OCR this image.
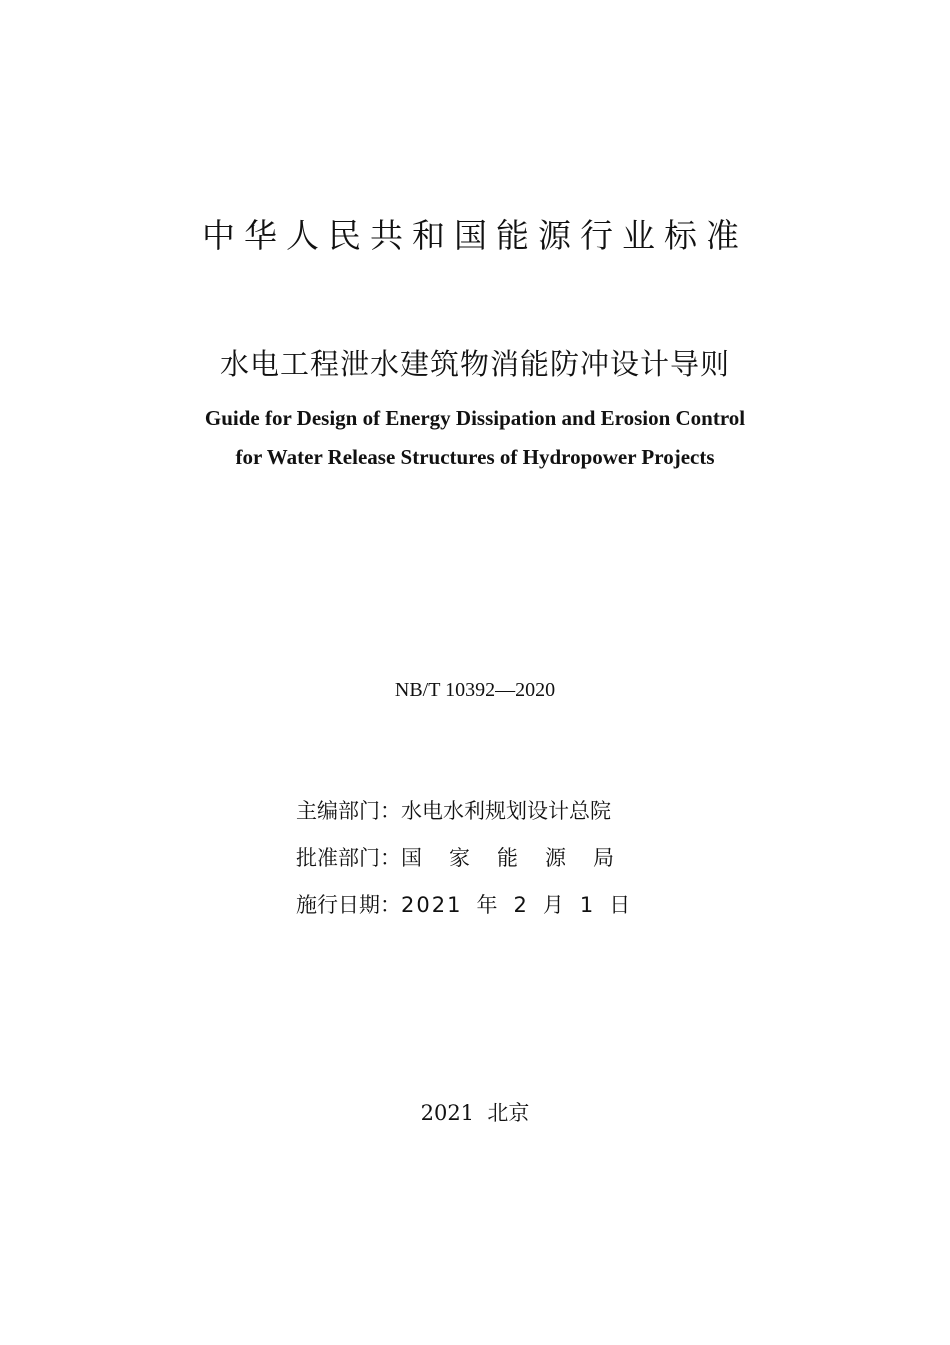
中华人民共和国能源行业标准
水电工程泄水建筑物消能防冲设计导则
Guide for Design of Energy Dissipation and Erosion Control
for Water Release Structures of Hydropower Projects
NB/T 10392—2020
主编部门：水电水利规划设计总院
批准部门：国家能源局
施行日期：2021 年 2 月 1 日
2021  北京
